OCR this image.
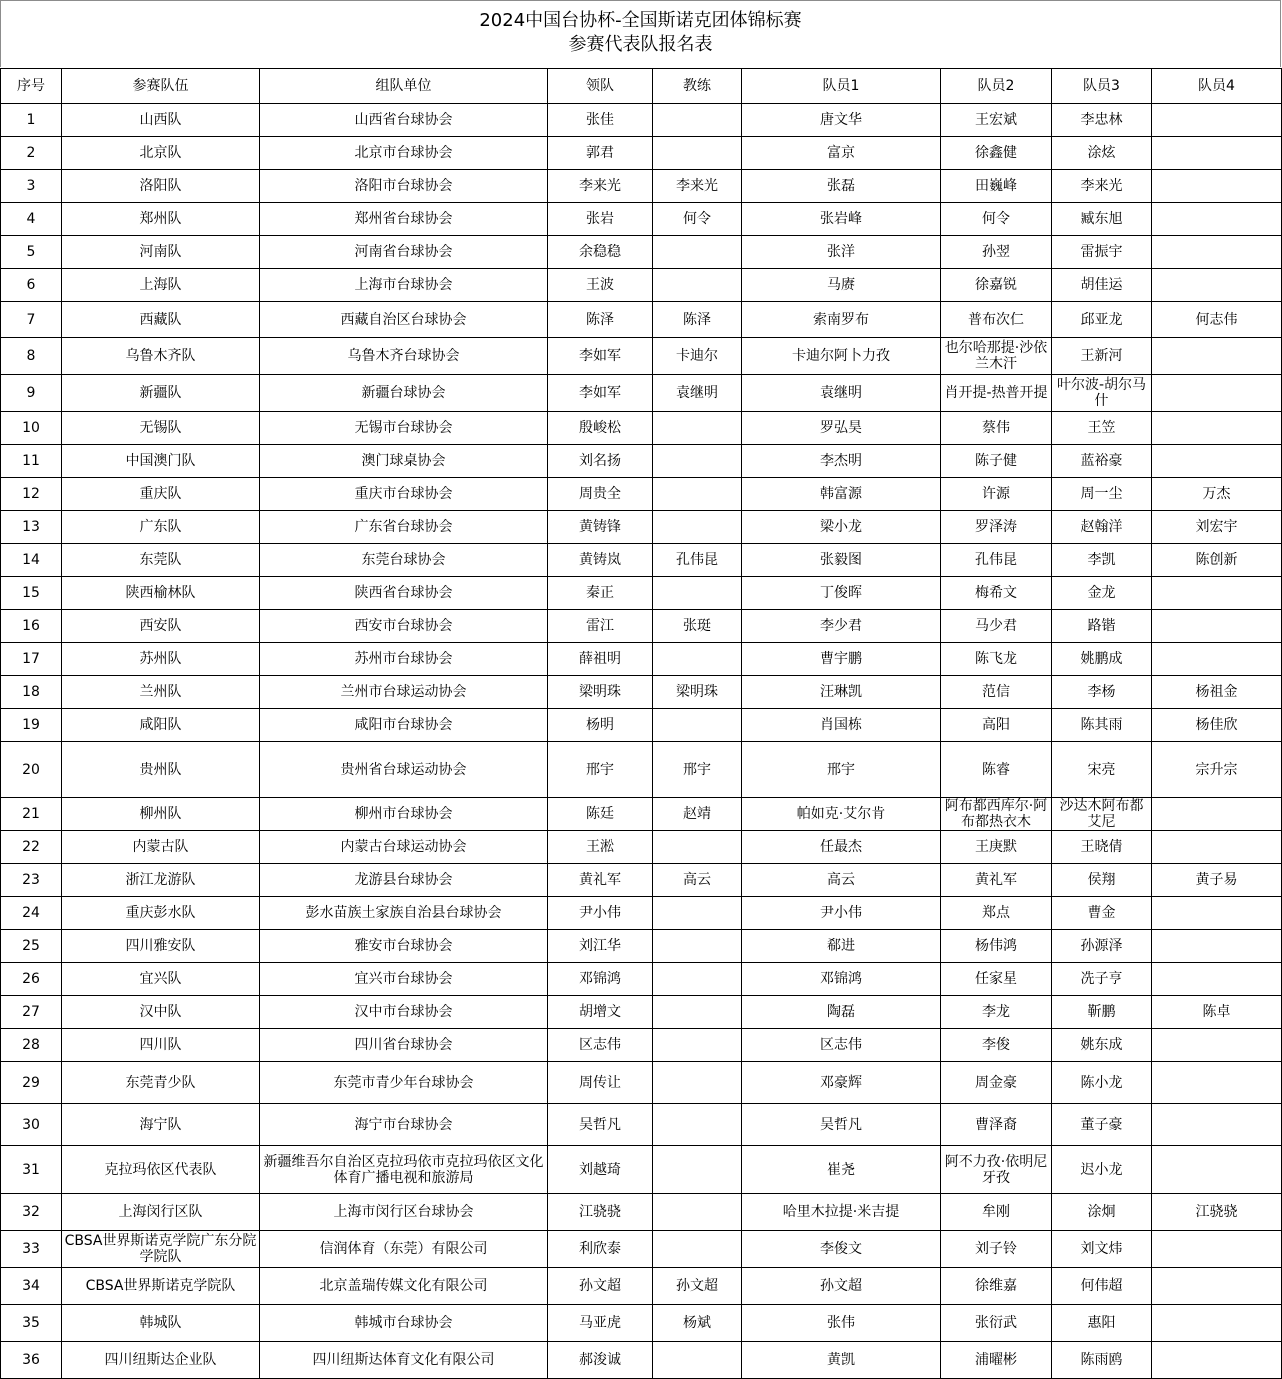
2024中国台协杯-全国斯诺克团体锦标赛
参赛代表队报名表
序号	参赛队伍	组队单位	领队	教练	队员1	队员2	队员3	队员4
1	山西队	山西省台球协会	张佳		唐文华	王宏斌	李忠林	
2	北京队	北京市台球协会	郭君		富京	徐鑫健	涂炫	
3	洛阳队	洛阳市台球协会	李来光	李来光	张磊	田巍峰	李来光	
4	郑州队	郑州省台球协会	张岩	何令	张岩峰	何令	臧东旭	
5	河南队	河南省台球协会	余稳稳		张洋	孙翌	雷振宇	
6	上海队	上海市台球协会	王波		马赓	徐嘉锐	胡佳运	
7	西藏队	西藏自治区台球协会	陈泽	陈泽	索南罗布	普布次仁	邱亚龙	何志伟
8	乌鲁木齐队	乌鲁木齐台球协会	李如军	卡迪尔	卡迪尔阿卜力孜	也尔哈那提·沙依兰木汗	王新河	
9	新疆队	新疆台球协会	李如军	袁继明	袁继明	肖开提-热普开提	叶尔波-胡尔马什	
10	无锡队	无锡市台球协会	殷峻松		罗弘昊	蔡伟	王笠	
11	中国澳门队	澳门球桌协会	刘名扬		李杰明	陈子健	蓝裕豪	
12	重庆队	重庆市台球协会	周贵全		韩富源	许源	周一尘	万杰
13	广东队	广东省台球协会	黄铸锋		梁小龙	罗泽涛	赵翰洋	刘宏宇
14	东莞队	东莞台球协会	黄铸岚	孔伟昆	张毅图	孔伟昆	李凯	陈创新
15	陕西榆林队	陕西省台球协会	秦正		丁俊晖	梅希文	金龙	
16	西安队	西安市台球协会	雷江	张珽	李少君	马少君	路锴	
17	苏州队	苏州市台球协会	薛祖明		曹宇鹏	陈飞龙	姚鹏成	
18	兰州队	兰州市台球运动协会	梁明珠	梁明珠	汪琳凯	范信	李杨	杨祖金
19	咸阳队	咸阳市台球协会	杨明		肖国栋	高阳	陈其雨	杨佳欣
20	贵州队	贵州省台球运动协会	邢宇	邢宇	邢宇	陈睿	宋亮	宗升宗
21	柳州队	柳州市台球协会	陈廷	赵靖	帕如克·艾尔肯	阿布都西库尔·阿布都热衣木	沙达木阿布都艾尼	
22	内蒙古队	内蒙古台球运动协会	王淞		任最杰	王庚默	王晓倩	
23	浙江龙游队	龙游县台球协会	黄礼军	高云	高云	黄礼军	侯翔	黄子易
24	重庆彭水队	彭水苗族土家族自治县台球协会	尹小伟		尹小伟	郑点	曹金	
25	四川雅安队	雅安市台球协会	刘江华		郗进	杨伟鸿	孙源泽	
26	宜兴队	宜兴市台球协会	邓锦鸿		邓锦鸿	任家星	冼子亨	
27	汉中队	汉中市台球协会	胡增文		陶磊	李龙	靳鹏	陈卓
28	四川队	四川省台球协会	区志伟		区志伟	李俊	姚东成	
29	东莞青少队	东莞市青少年台球协会	周传让		邓豪辉	周金豪	陈小龙	
30	海宁队	海宁市台球协会	吴哲凡		吴哲凡	曹泽裔	董子豪	
31	克拉玛依区代表队	新疆维吾尔自治区克拉玛依市克拉玛依区文化体育广播电视和旅游局	刘越琦		崔尧	阿不力孜·依明尼牙孜	迟小龙	
32	上海闵行区队	上海市闵行区台球协会	江骁骁		哈里木拉提·米吉提	牟刚	涂炯	江骁骁
33	CBSA世界斯诺克学院广东分院学院队	信润体育（东莞）有限公司	利欣泰		李俊文	刘子铃	刘文炜	
34	CBSA世界斯诺克学院队	北京盖瑞传媒文化有限公司	孙文超	孙文超	孙文超	徐维嘉	何伟超	
35	韩城队	韩城市台球协会	马亚虎	杨斌	张伟	张衍武	惠阳	
36	四川纽斯达企业队	四川纽斯达体育文化有限公司	郝浚诚		黄凯	浦曜彬	陈雨鸥	
